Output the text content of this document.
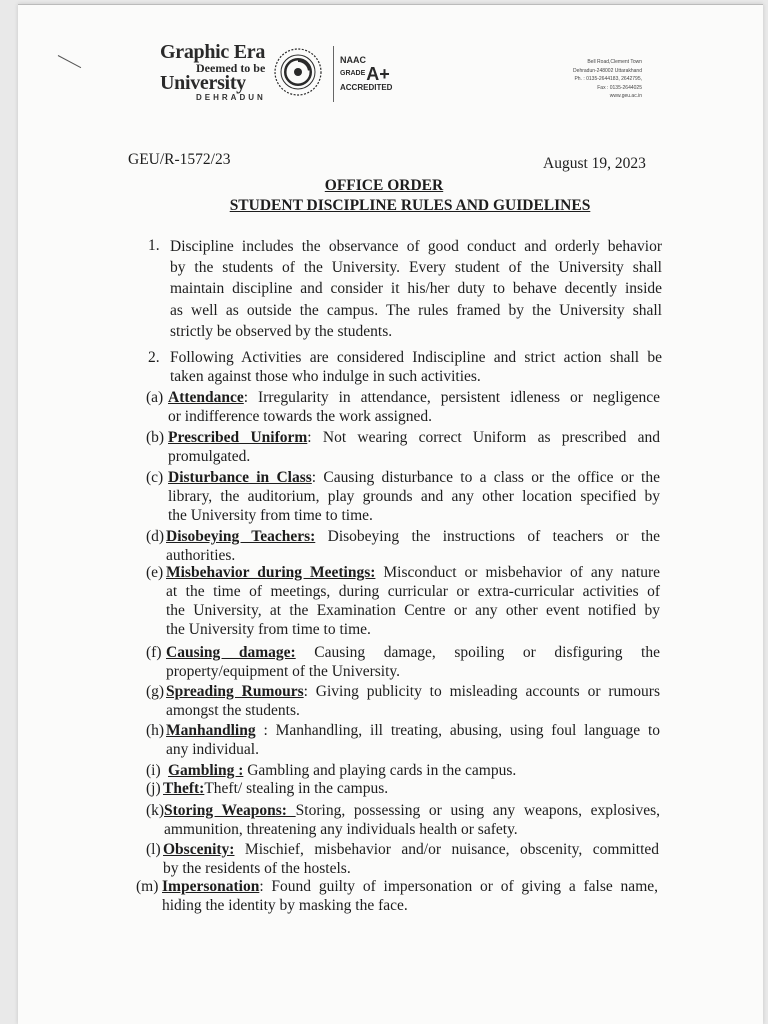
Graphic Era
Deemed to be
University
DEHRADUN
NAAC
GRADEA+
ACCREDITED
Bell Road,Clement Town
Dehradun-248002 Uttarakhand
Ph. : 0135-2644183, 2642795,
Fax : 0135-2644025
www.geu.ac.in
GEU/R-1572/23	August 19, 2023
OFFICE ORDER
STUDENT DISCIPLINE RULES AND GUIDELINES
1. Discipline includes the observance of good conduct and orderly behavior
by the students of the University. Every student of the University shall
maintain discipline and consider it his/her duty to behave decently inside
as well as outside the campus. The rules framed by the University shall
strictly be observed by the students.
2. Following Activities are considered Indiscipline and strict action shall be
taken against those who indulge in such activities.
(a) Attendance: Irregularity in attendance, persistent idleness or negligence
or indifference towards the work assigned.
(b) Prescribed Uniform: Not wearing correct Uniform as prescribed and
promulgated.
(c) Disturbance in Class: Causing disturbance to a class or the office or the
library, the auditorium, play grounds and any other location specified by
the University from time to time.
(d) Disobeying Teachers: Disobeying the instructions of teachers or the
authorities.
(e) Misbehavior during Meetings: Misconduct or misbehavior of any nature
at the time of meetings, during curricular or extra-curricular activities of
the University, at the Examination Centre or any other event notified by
the University from time to time.
(f) Causing damage: Causing damage, spoiling or disfiguring the
property/equipment of the University.
(g) Spreading Rumours: Giving publicity to misleading accounts or rumours
amongst the students.
(h) Manhandling : Manhandling, ill treating, abusing, using foul language to
any individual.
(i) Gambling : Gambling and playing cards in the campus.
(j) Theft:Theft/ stealing in the campus.
(k) Storing Weapons: Storing, possessing or using any weapons, explosives,
ammunition, threatening any individuals health or safety.
(l) Obscenity: Mischief, misbehavior and/or nuisance, obscenity, committed
by the residents of the hostels.
(m) Impersonation: Found guilty of impersonation or of giving a false name,
hiding the identity by masking the face.
